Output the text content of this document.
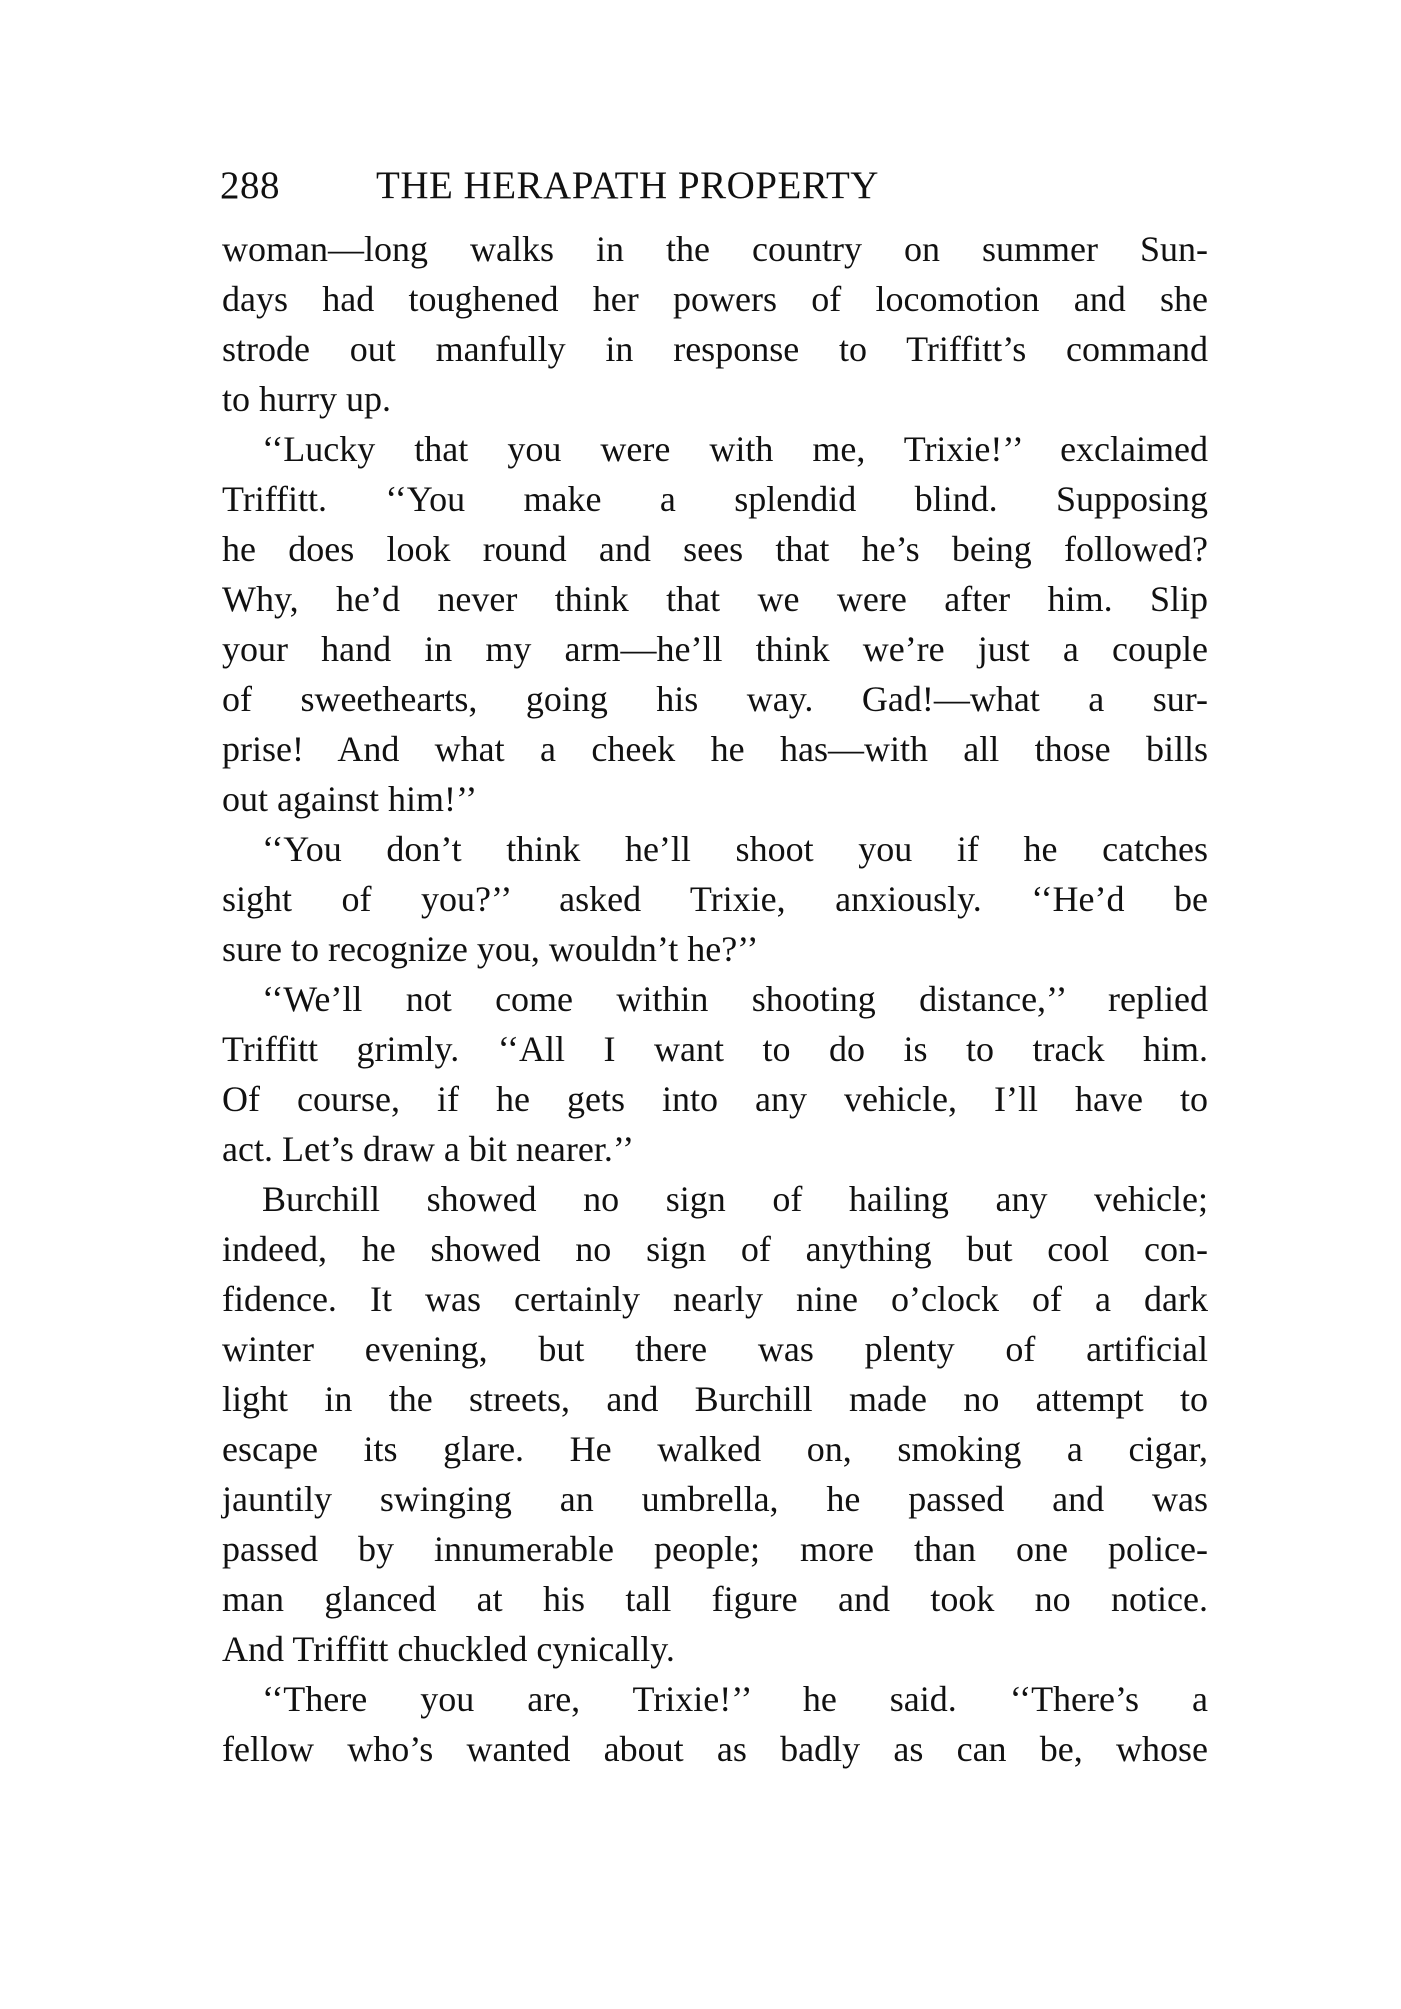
288 THE HERAPATH PROPERTY
woman—long walks in the country on summer Sun-
days had toughened her powers of locomotion and she
strode out manfully in response to Triffitt’s command
to hurry up.
‘‘Lucky that you were with me, Trixie!’’ exclaimed
Triffitt. ‘‘You make a splendid blind. Supposing
he does look round and sees that he’s being followed?
Why, he’d never think that we were after him. Slip
your hand in my arm—he’ll think we’re just a couple
of sweethearts, going his way. Gad!—what a sur-
prise! And what a cheek he has—with all those bills
out against him!’’
‘‘You don’t think he’ll shoot you if he catches
sight of you?’’ asked Trixie, anxiously. ‘‘He’d be
sure to recognize you, wouldn’t he?’’
‘‘We’ll not come within shooting distance,’’ replied
Triffitt grimly. ‘‘All I want to do is to track him.
Of course, if he gets into any vehicle, I’ll have to
act. Let’s draw a bit nearer.’’
Burchill showed no sign of hailing any vehicle;
indeed, he showed no sign of anything but cool con-
fidence. It was certainly nearly nine o’clock of a dark
winter evening, but there was plenty of artificial
light in the streets, and Burchill made no attempt to
escape its glare. He walked on, smoking a cigar,
jauntily swinging an umbrella, he passed and was
passed by innumerable people; more than one police-
man glanced at his tall figure and took no notice.
And Triffitt chuckled cynically.
‘‘There you are, Trixie!’’ he said. ‘‘There’s a
fellow who’s wanted about as badly as can be, whose
